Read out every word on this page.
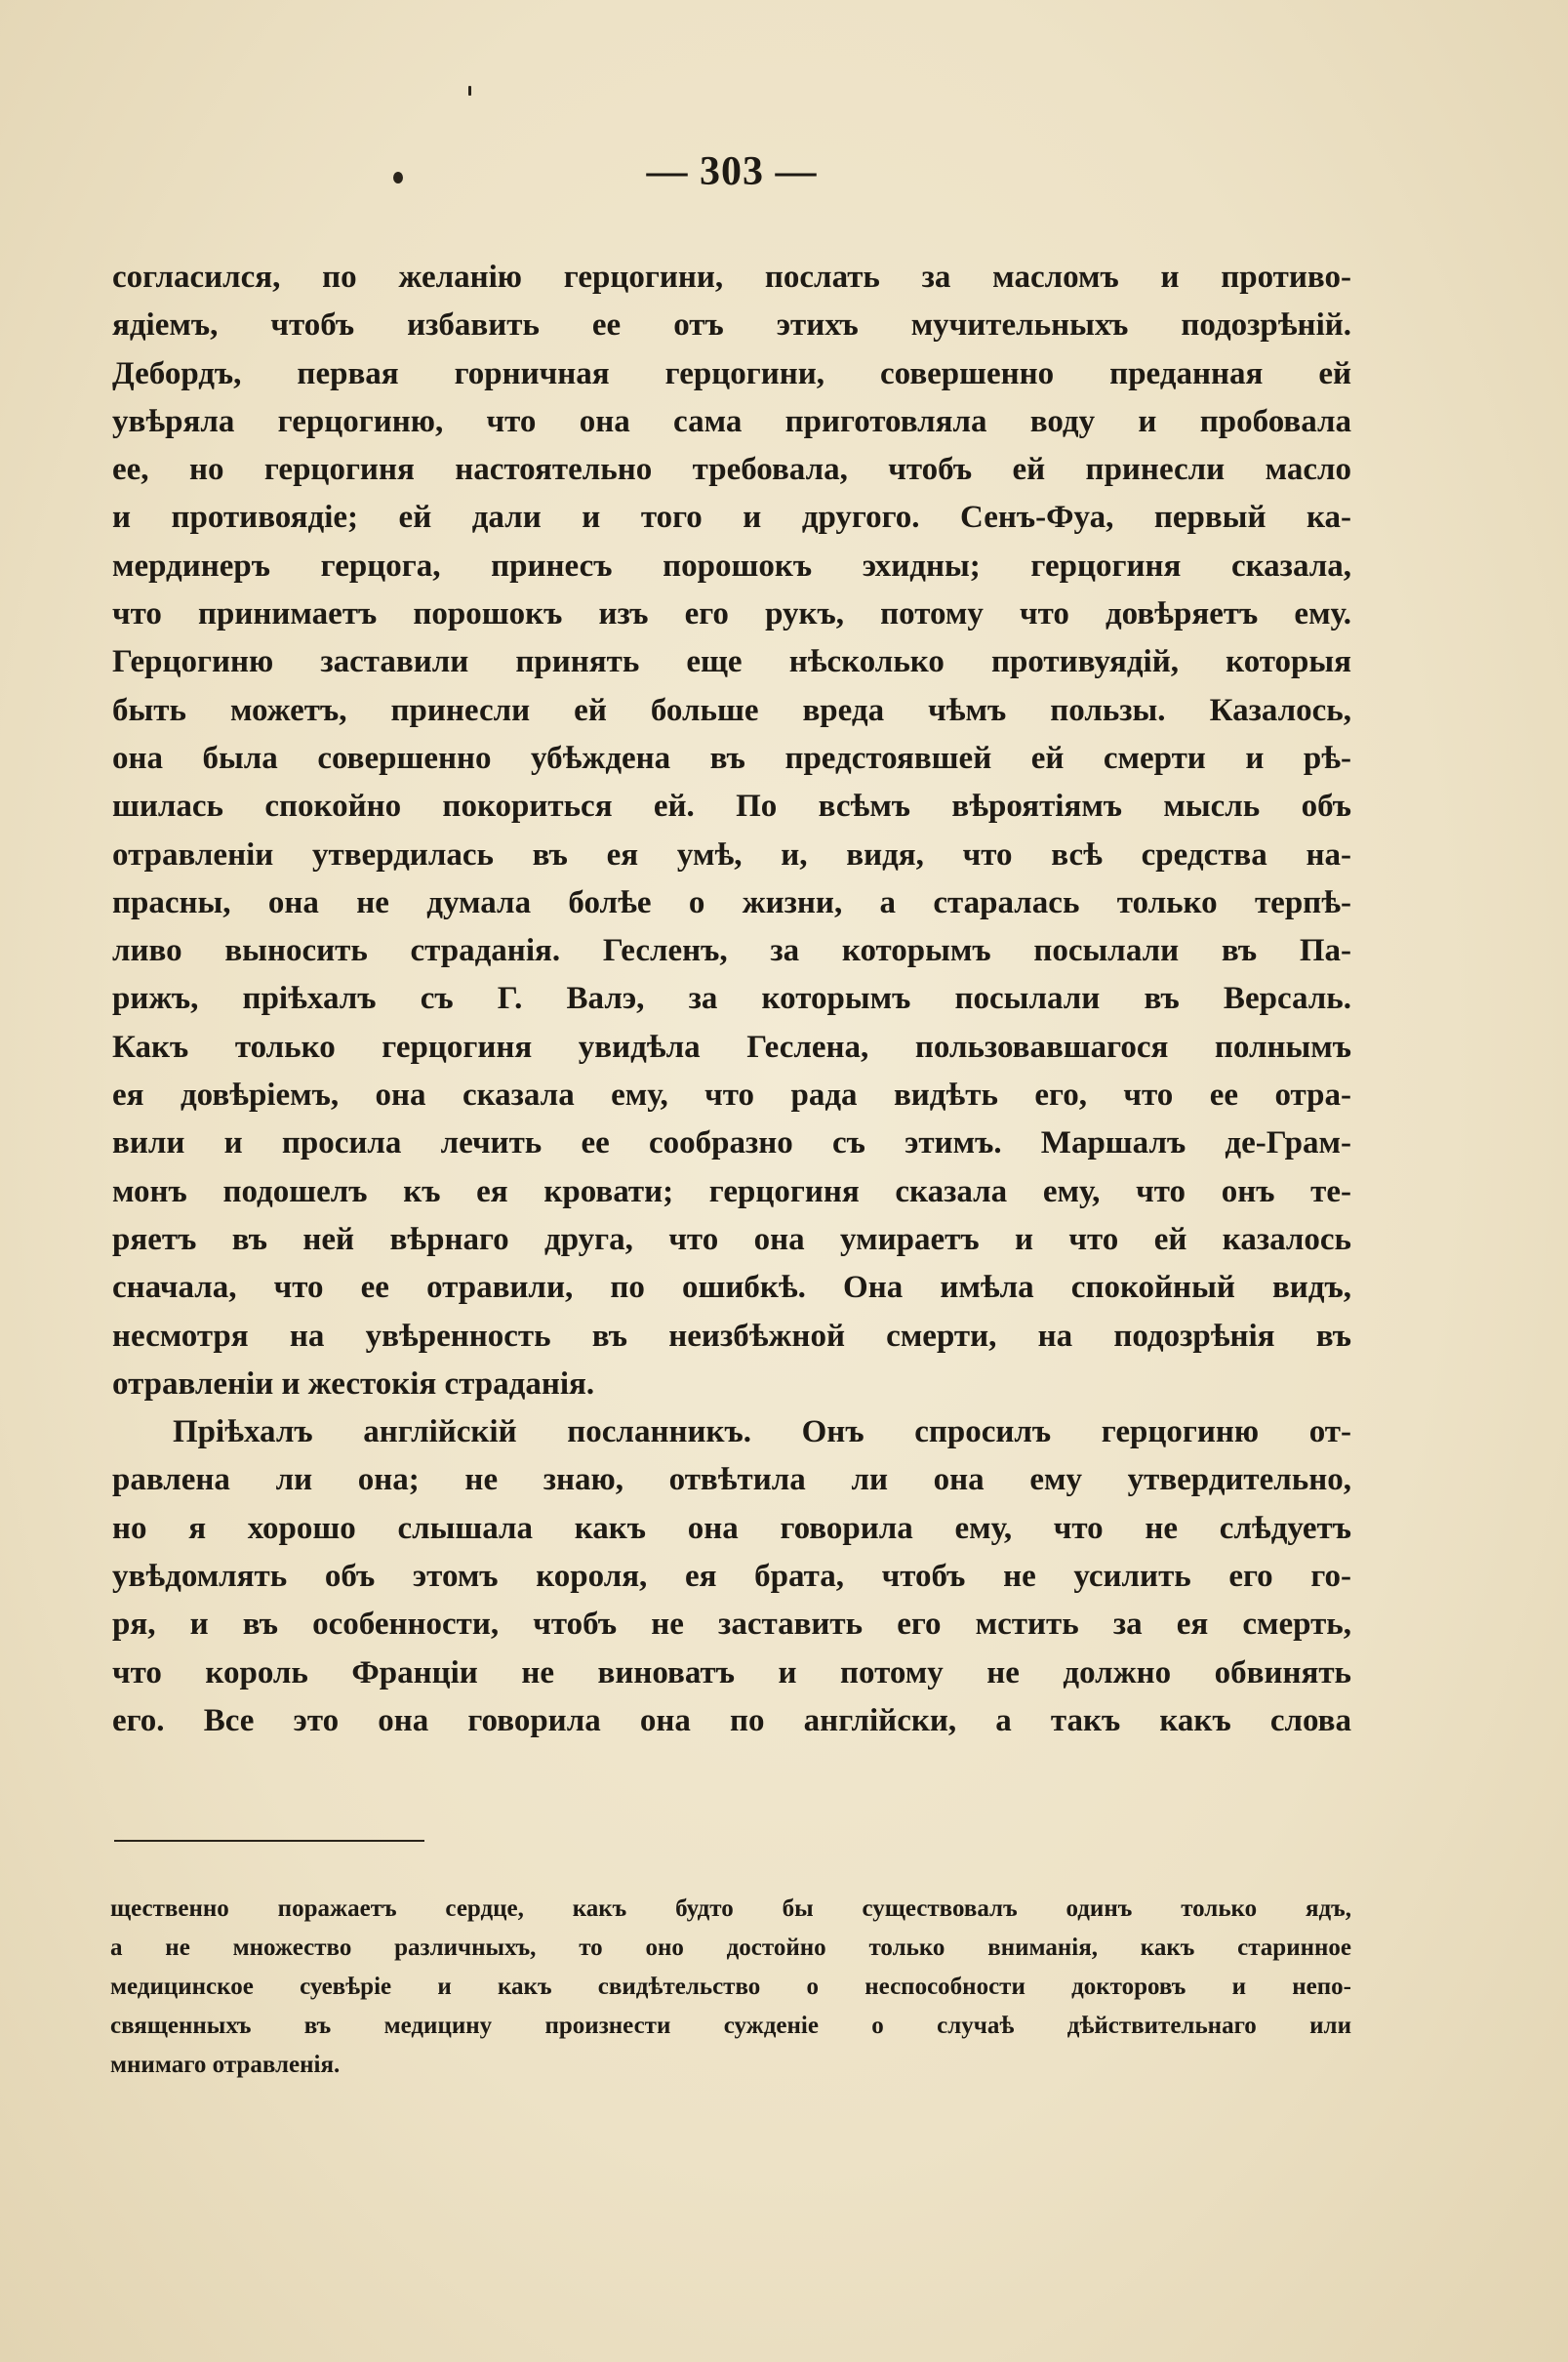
— 303 —

согласился, по желанію герцогини, послать за масломъ и противо-
ядіемъ, чтобъ избавить ее отъ этихъ мучительныхъ подозрѣній.
Дебордъ, первая горничная герцогини, совершенно преданная ей
увѣряла герцогиню, что она сама приготовляла воду и пробовала
ее, но герцогиня настоятельно требовала, чтобъ ей принесли масло
и противоядіе; ей дали и того и другого. Сенъ-Фуа, первый ка-
мердинеръ герцога, принесъ порошокъ эхидны; герцогиня сказала,
что принимаетъ порошокъ изъ его рукъ, потому что довѣряетъ ему.
Герцогиню заставили принять еще нѣсколько противуядій, которыя
быть можетъ, принесли ей больше вреда чѣмъ пользы. Казалось,
она была совершенно убѣждена въ предстоявшей ей смерти и рѣ-
шилась спокойно покориться ей. По всѣмъ вѣроятіямъ мысль объ
отравленіи утвердилась въ ея умѣ, и, видя, что всѣ средства на-
прасны, она не думала болѣе о жизни, а старалась только терпѣ-
ливо выносить страданія. Гесленъ, за которымъ посылали въ Па-
рижъ, пріѣхалъ съ Г. Валэ, за которымъ посылали въ Версаль.
Какъ только герцогиня увидѣла Геслена, пользовавшагося полнымъ
ея довѣріемъ, она сказала ему, что рада видѣть его, что ее отра-
вили и просила лечить ее сообразно съ этимъ. Маршалъ де-Грам-
монъ подошелъ къ ея кровати; герцогиня сказала ему, что онъ те-
ряетъ въ ней вѣрнаго друга, что она умираетъ и что ей казалось
сначала, что ее отравили, по ошибкѣ. Она имѣла спокойный видъ,
несмотря на увѣренность въ неизбѣжной смерти, на подозрѣнія въ
отравленіи и жестокія страданія.

Пріѣхалъ англійскій посланникъ. Онъ спросилъ герцогиню от-
равлена ли она; не знаю, отвѣтила ли она ему утвердительно,
но я хорошо слышала какъ она говорила ему, что не слѣдуетъ
увѣдомлять объ этомъ короля, ея брата, чтобъ не усилить его го-
ря, и въ особенности, чтобъ не заставить его мстить за ея смерть,
что король Франціи не виноватъ и потому не должно обвинять
его. Все это она говорила она по англійски, а такъ какъ слова

щественно поражаетъ сердце, какъ будто бы существовалъ одинъ только ядъ,
а не множество различныхъ, то оно достойно только вниманія, какъ старинное
медицинское суевѣріе и какъ свидѣтельство о неспособности докторовъ и непо-
священныхъ въ медицину произнести сужденіе о случаѣ дѣйствительнаго или
мнимаго отравленія.
